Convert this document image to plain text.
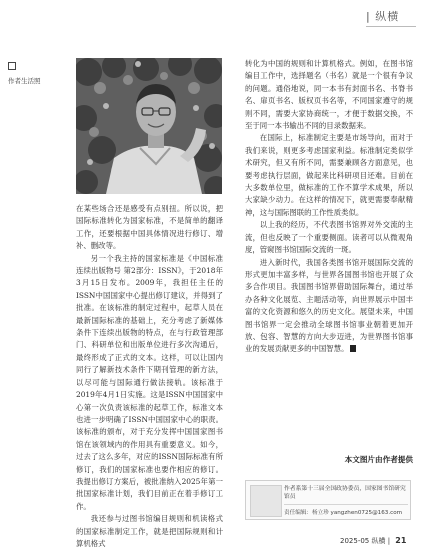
| 纵横
作者生活照

在某些场合还是感受有点别扭。所以说，把国际标准转化为国家标准，不是简单的翻译工作，还要根据中国具体情况进行修订、增补、删改等。

另一个我主持的国家标准是《中国标准连续出版物号 第2部分：ISSN》，于2018年3月15日发布。2009年，我担任主任的ISSN中国国家中心提出修订建议，并得到了批准。在该标准的制定过程中，起草人员在最新国际标准的基础上，充分考虑了新媒体条件下连续出版物的特点，在与行政管理部门、科研单位和出版单位进行多次沟通后，最终形成了正式的文本。这样，可以让国内同行了解新技术条件下期刊管理的新方法，以尽可能与国际通行做法接轨。该标准于2019年4月1日实施。这是ISSN中国国家中心第一次负责该标准的起草工作，标准文本也进一步明确了ISSN中国国家中心的职责。该标准的颁布，对于充分发挥中国国家图书馆在该领域内的作用具有重要意义。如今，过去了这么多年，对应的ISSN国际标准有所修订，我们的国家标准也要作相应的修订。我提出修订方案后，被批准纳入2025年第一批国家标准计划，我们目前正在着手修订工作。

我还参与过图书馆编目规则和机读格式的国家标准制定工作，就是把国际规则和计算机格式

转化为中国的规则和计算机格式。例如，在图书馆编目工作中，选择题名（书名）就是一个很有争议的问题。通俗地说，同一本书有封面书名、书脊书名、扉页书名、版权页书名等，不同国家遵守的规则不同，需要大家协商统一，才便于数据交换，不至于同一本书输出不同的目录数据来。

在国际上，标准制定主要是市场导向，而对于我们来说，则更多考虑国家利益。标准制定类似学术研究，但又有所不同，需要兼顾各方面意见，也要考虑执行层面，做起来比科研项目还难。目前在大多数单位里，做标准的工作不算学术成果，所以大家缺少动力。在这样的情况下，就更需要奉献精神，这与国际图联的工作性质类似。

以上我的经历，不代表图书馆界对外交流的主流，但也反映了一个重要侧面。读者可以从微观角度，管窥图书馆国际交流的一斑。

进入新时代，我国各类图书馆开展国际交流的形式更加丰富多样，与世界各国图书馆也开展了众多合作项目。我国图书馆界借助国际舞台，通过举办各种文化展览、主题活动等，向世界展示中国丰富的文化资源和悠久的历史文化。展望未来，中国图书馆界一定会推动全球图书馆事业朝着更加开放、包容、智慧的方向大步迈进，为世界图书馆事业的发展贡献更多的中国智慧。

本文图片由作者提供
作者系第十三届全国政协委员，国家图书馆研究馆员
责任编辑：杨立珍 yangzhen0725@163.com
2025-05 纵横 | 21
